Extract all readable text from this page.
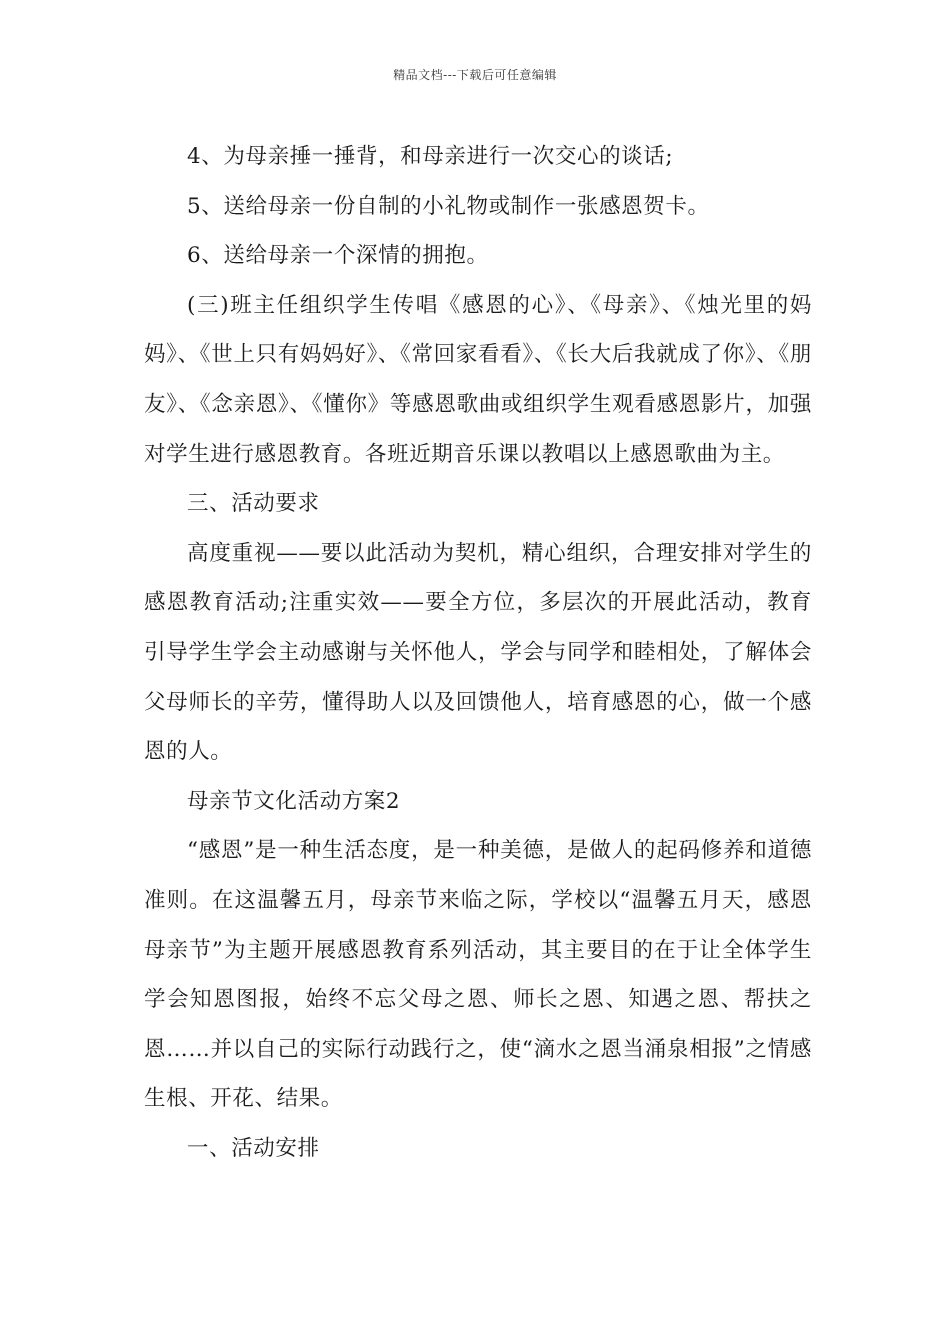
精品文档---下载后可任意编辑

4、为母亲捶一捶背，和母亲进行一次交心的谈话;

5、送给母亲一份自制的小礼物或制作一张感恩贺卡。

6、送给母亲一个深情的拥抱。

(三)班主任组织学生传唱《感恩的心》、《母亲》、《烛光里的妈妈》、《世上只有妈妈好》、《常回家看看》、《长大后我就成了你》、《朋友》、《念亲恩》、《懂你》等感恩歌曲或组织学生观看感恩影片，加强对学生进行感恩教育。各班近期音乐课以教唱以上感恩歌曲为主。

三、活动要求

高度重视——要以此活动为契机，精心组织，合理安排对学生的感恩教育活动;注重实效——要全方位，多层次的开展此活动，教育引导学生学会主动感谢与关怀他人，学会与同学和睦相处，了解体会父母师长的辛劳，懂得助人以及回馈他人，培育感恩的心，做一个感恩的人。

母亲节文化活动方案2

“感恩”是一种生活态度，是一种美德，是做人的起码修养和道德准则。在这温馨五月，母亲节来临之际，学校以“温馨五月天，感恩母亲节”为主题开展感恩教育系列活动，其主要目的在于让全体学生学会知恩图报，始终不忘父母之恩、师长之恩、知遇之恩、帮扶之恩……并以自己的实际行动践行之，使“滴水之恩当涌泉相报”之情感生根、开花、结果。

一、活动安排
